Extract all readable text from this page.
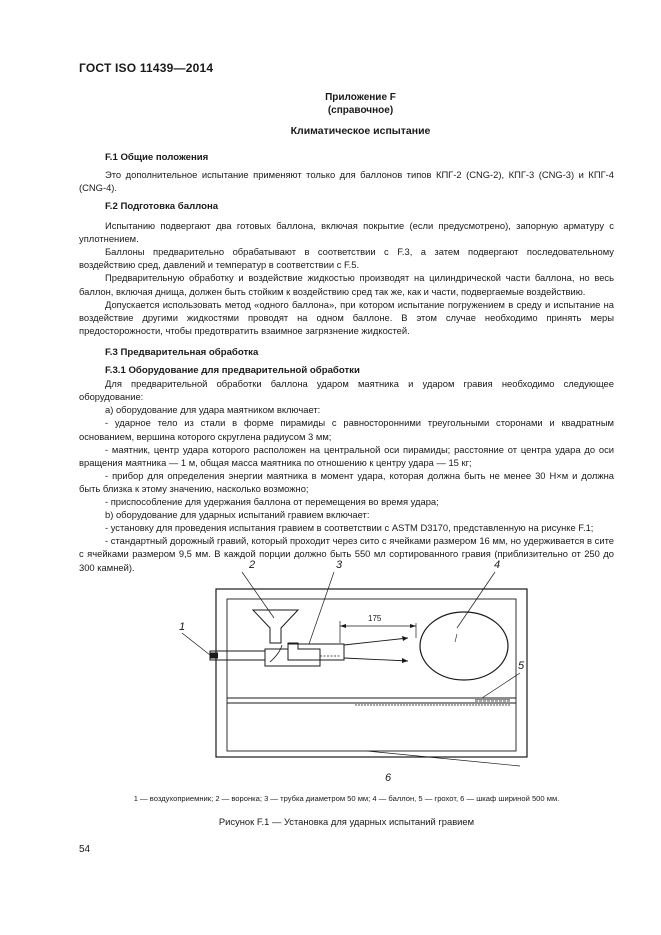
ГОСТ ISO 11439—2014
Приложение F
(справочное)
Климатическое испытание

F.1 Общие положения

Это дополнительное испытание применяют только для баллонов типов КПГ-2 (CNG-2), КПГ-3 (CNG-3) и КПГ-4 (CNG-4).

F.2 Подготовка баллона

Испытанию подвергают два готовых баллона, включая покрытие (если предусмотрено), запорную арматуру с уплотнением.

Баллоны предварительно обрабатывают в соответствии с F.3, а затем подвергают последовательному воздействию сред, давлений и температур в соответствии с F.5.

Предварительную обработку и воздействие жидкостью производят на цилиндрической части баллона, но весь баллон, включая днища, должен быть стойким к воздействию сред так же, как и части, подвергаемые воздействию.

Допускается использовать метод «одного баллона», при котором испытание погружением в среду и испытание на воздействие другими жидкостями проводят на одном баллоне. В этом случае необходимо принять меры предосторожности, чтобы предотвратить взаимное загрязнение жидкостей.

F.3 Предварительная обработка

F.3.1 Оборудование для предварительной обработки

Для предварительной обработки баллона ударом маятника и ударом гравия необходимо следующее оборудование:

а) оборудование для удара маятником включает:

- ударное тело из стали в форме пирамиды с равносторонними треугольными сторонами и квадратным основанием, вершина которого скруглена радиусом 3 мм;

- маятник, центр удара которого расположен на центральной оси пирамиды; расстояние от центра удара до оси вращения маятника — 1 м, общая масса маятника по отношению к центру удара — 15 кг;

- прибор для определения энергии маятника в момент удара, которая должна быть не менее 30 Н×м и должна быть близка к этому значению, насколько возможно;

- приспособление для удержания баллона от перемещения во время удара;

b) оборудование для ударных испытаний гравием включает:

- установку для проведения испытания гравием в соответствии с ASTM D3170, представленную на рисунке F.1;

- стандартный дорожный гравий, который проходит через сито с ячейками размером 16 мм, но удерживается в сите с ячейками размером 9,5 мм. В каждой порции должно быть 550 мл сортированного гравия (приблизительно от 250 до 300 камней).

175
1
2	3	4
5
6
1 — воздухоприемник; 2 — воронка; 3 — трубка диаметром 50 мм; 4 — баллон, 5 — грохот, 6 — шкаф шириной 500 мм.
Рисунок F.1 — Установка для ударных испытаний гравием
54
